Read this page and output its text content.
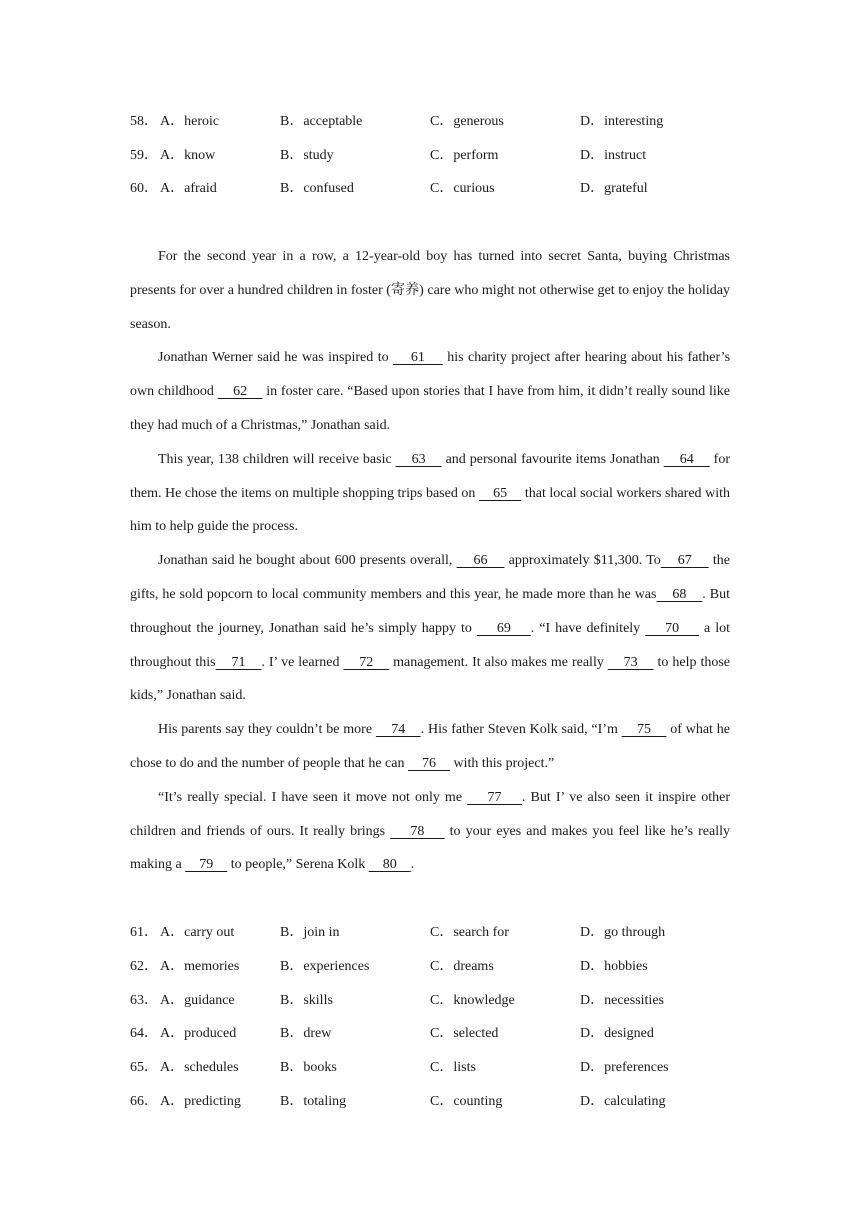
58． A．heroic	B．acceptable	C．generous	D．interesting
59． A．know	B．study	C．perform	D．instruct
60． A．afraid	B．confused	C．curious	D．grateful

For the second year in a row, a 12-year-old boy has turned into secret Santa, buying Christmas presents for over a hundred children in foster (寄养) care who might not otherwise get to enjoy the holiday season.

Jonathan Werner said he was inspired to     61     his charity project after hearing about his father’s own childhood     62     in foster care. “Based upon stories that I have from him, it didn’t really sound like they had much of a Christmas,” Jonathan said.

This year, 138 children will receive basic     63     and personal favourite items Jonathan     64     for them. He chose the items on multiple shopping trips based on     65     that local social workers shared with him to help guide the process.

Jonathan said he bought about 600 presents overall,     66     approximately $11,300. To    67     the gifts, he sold popcorn to local community members and this year, he made more than he was    68    . But throughout the journey, Jonathan said he’s simply happy to     69    . “I have definitely     70     a lot throughout this    71    . I’ ve learned     72     management. It also makes me really     73     to help those kids,” Jonathan said.

His parents say they couldn’t be more     74    . His father Steven Kolk said, “I’m     75     of what he chose to do and the number of people that he can     76     with this project.”

“It’s really special. I have seen it move not only me     77    . But I’ ve also seen it inspire other children and friends of ours. It really brings     78     to your eyes and makes you feel like he’s really making a     79     to people,” Serena Kolk     80    .

61． A．carry out	B．join in	C．search for	D．go through
62． A．memories	B．experiences	C．dreams	D．hobbies
63． A．guidance	B．skills	C．knowledge	D．necessities
64． A．produced	B．drew	C．selected	D．designed
65． A．schedules	B．books	C．lists	D．preferences
66． A．predicting	B．totaling	C．counting	D．calculating
